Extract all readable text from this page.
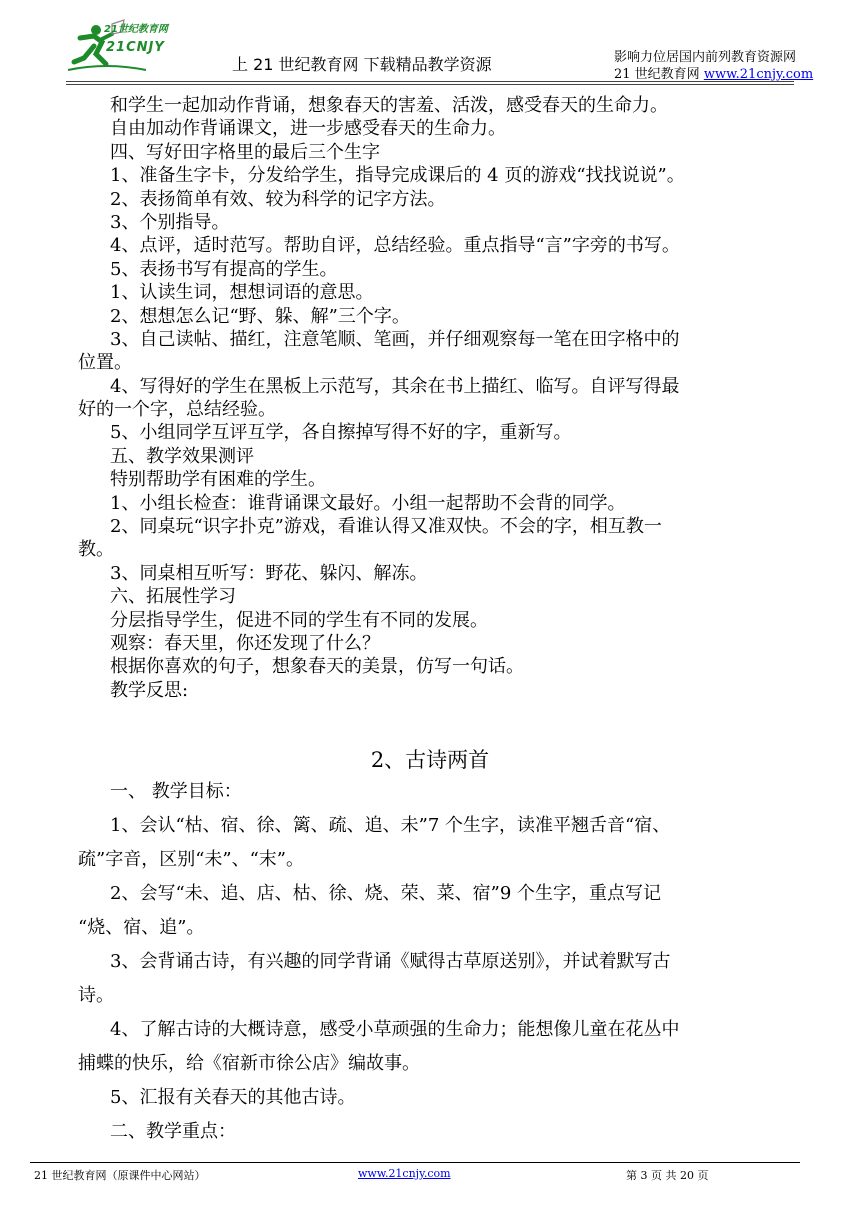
21世纪教育网
21CNJY
上 21 世纪教育网 下载精品教学资源	影响力位居国内前列教育资源网
21 世纪教育网 www.21cnjy.com
和学生一起加动作背诵，想象春天的害羞、活泼，感受春天的生命力。
自由加动作背诵课文，进一步感受春天的生命力。
四、写好田字格里的最后三个生字
1、准备生字卡，分发给学生，指导完成课后的 4 页的游戏“找找说说”。
2、表扬简单有效、较为科学的记字方法。
3、个别指导。
4、点评，适时范写。帮助自评，总结经验。重点指导“言”字旁的书写。
5、表扬书写有提高的学生。
1、认读生词，想想词语的意思。
2、想想怎么记“野、躲、解”三个字。
3、自己读帖、描红，注意笔顺、笔画，并仔细观察每一笔在田字格中的
位置。
4、写得好的学生在黑板上示范写，其余在书上描红、临写。自评写得最
好的一个字，总结经验。
5、小组同学互评互学，各自擦掉写得不好的字，重新写。
五、教学效果测评
特别帮助学有困难的学生。
1、小组长检查：谁背诵课文最好。小组一起帮助不会背的同学。
2、同桌玩“识字扑克”游戏，看谁认得又准双快。不会的字，相互教一
教。
3、同桌相互听写：野花、躲闪、解冻。
六、拓展性学习
分层指导学生，促进不同的学生有不同的发展。
观察：春天里，你还发现了什么？
根据你喜欢的句子，想象春天的美景，仿写一句话。
教学反思:
2、古诗两首
一、 教学目标：
1、会认“枯、宿、徐、篱、疏、追、未”7 个生字，读准平翘舌音“宿、
疏”字音，区别“未”、“末”。
2、会写“未、追、店、枯、徐、烧、荣、菜、宿”9 个生字，重点写记
“烧、宿、追”。
3、会背诵古诗，有兴趣的同学背诵《赋得古草原送别》，并试着默写古
诗。
4、了解古诗的大概诗意，感受小草顽强的生命力；能想像儿童在花丛中
捕蝶的快乐，给《宿新市徐公店》编故事。
5、汇报有关春天的其他古诗。
二、教学重点：
21 世纪教育网（原课件中心网站）	www.21cnjy.com	第 3 页 共 20 页
